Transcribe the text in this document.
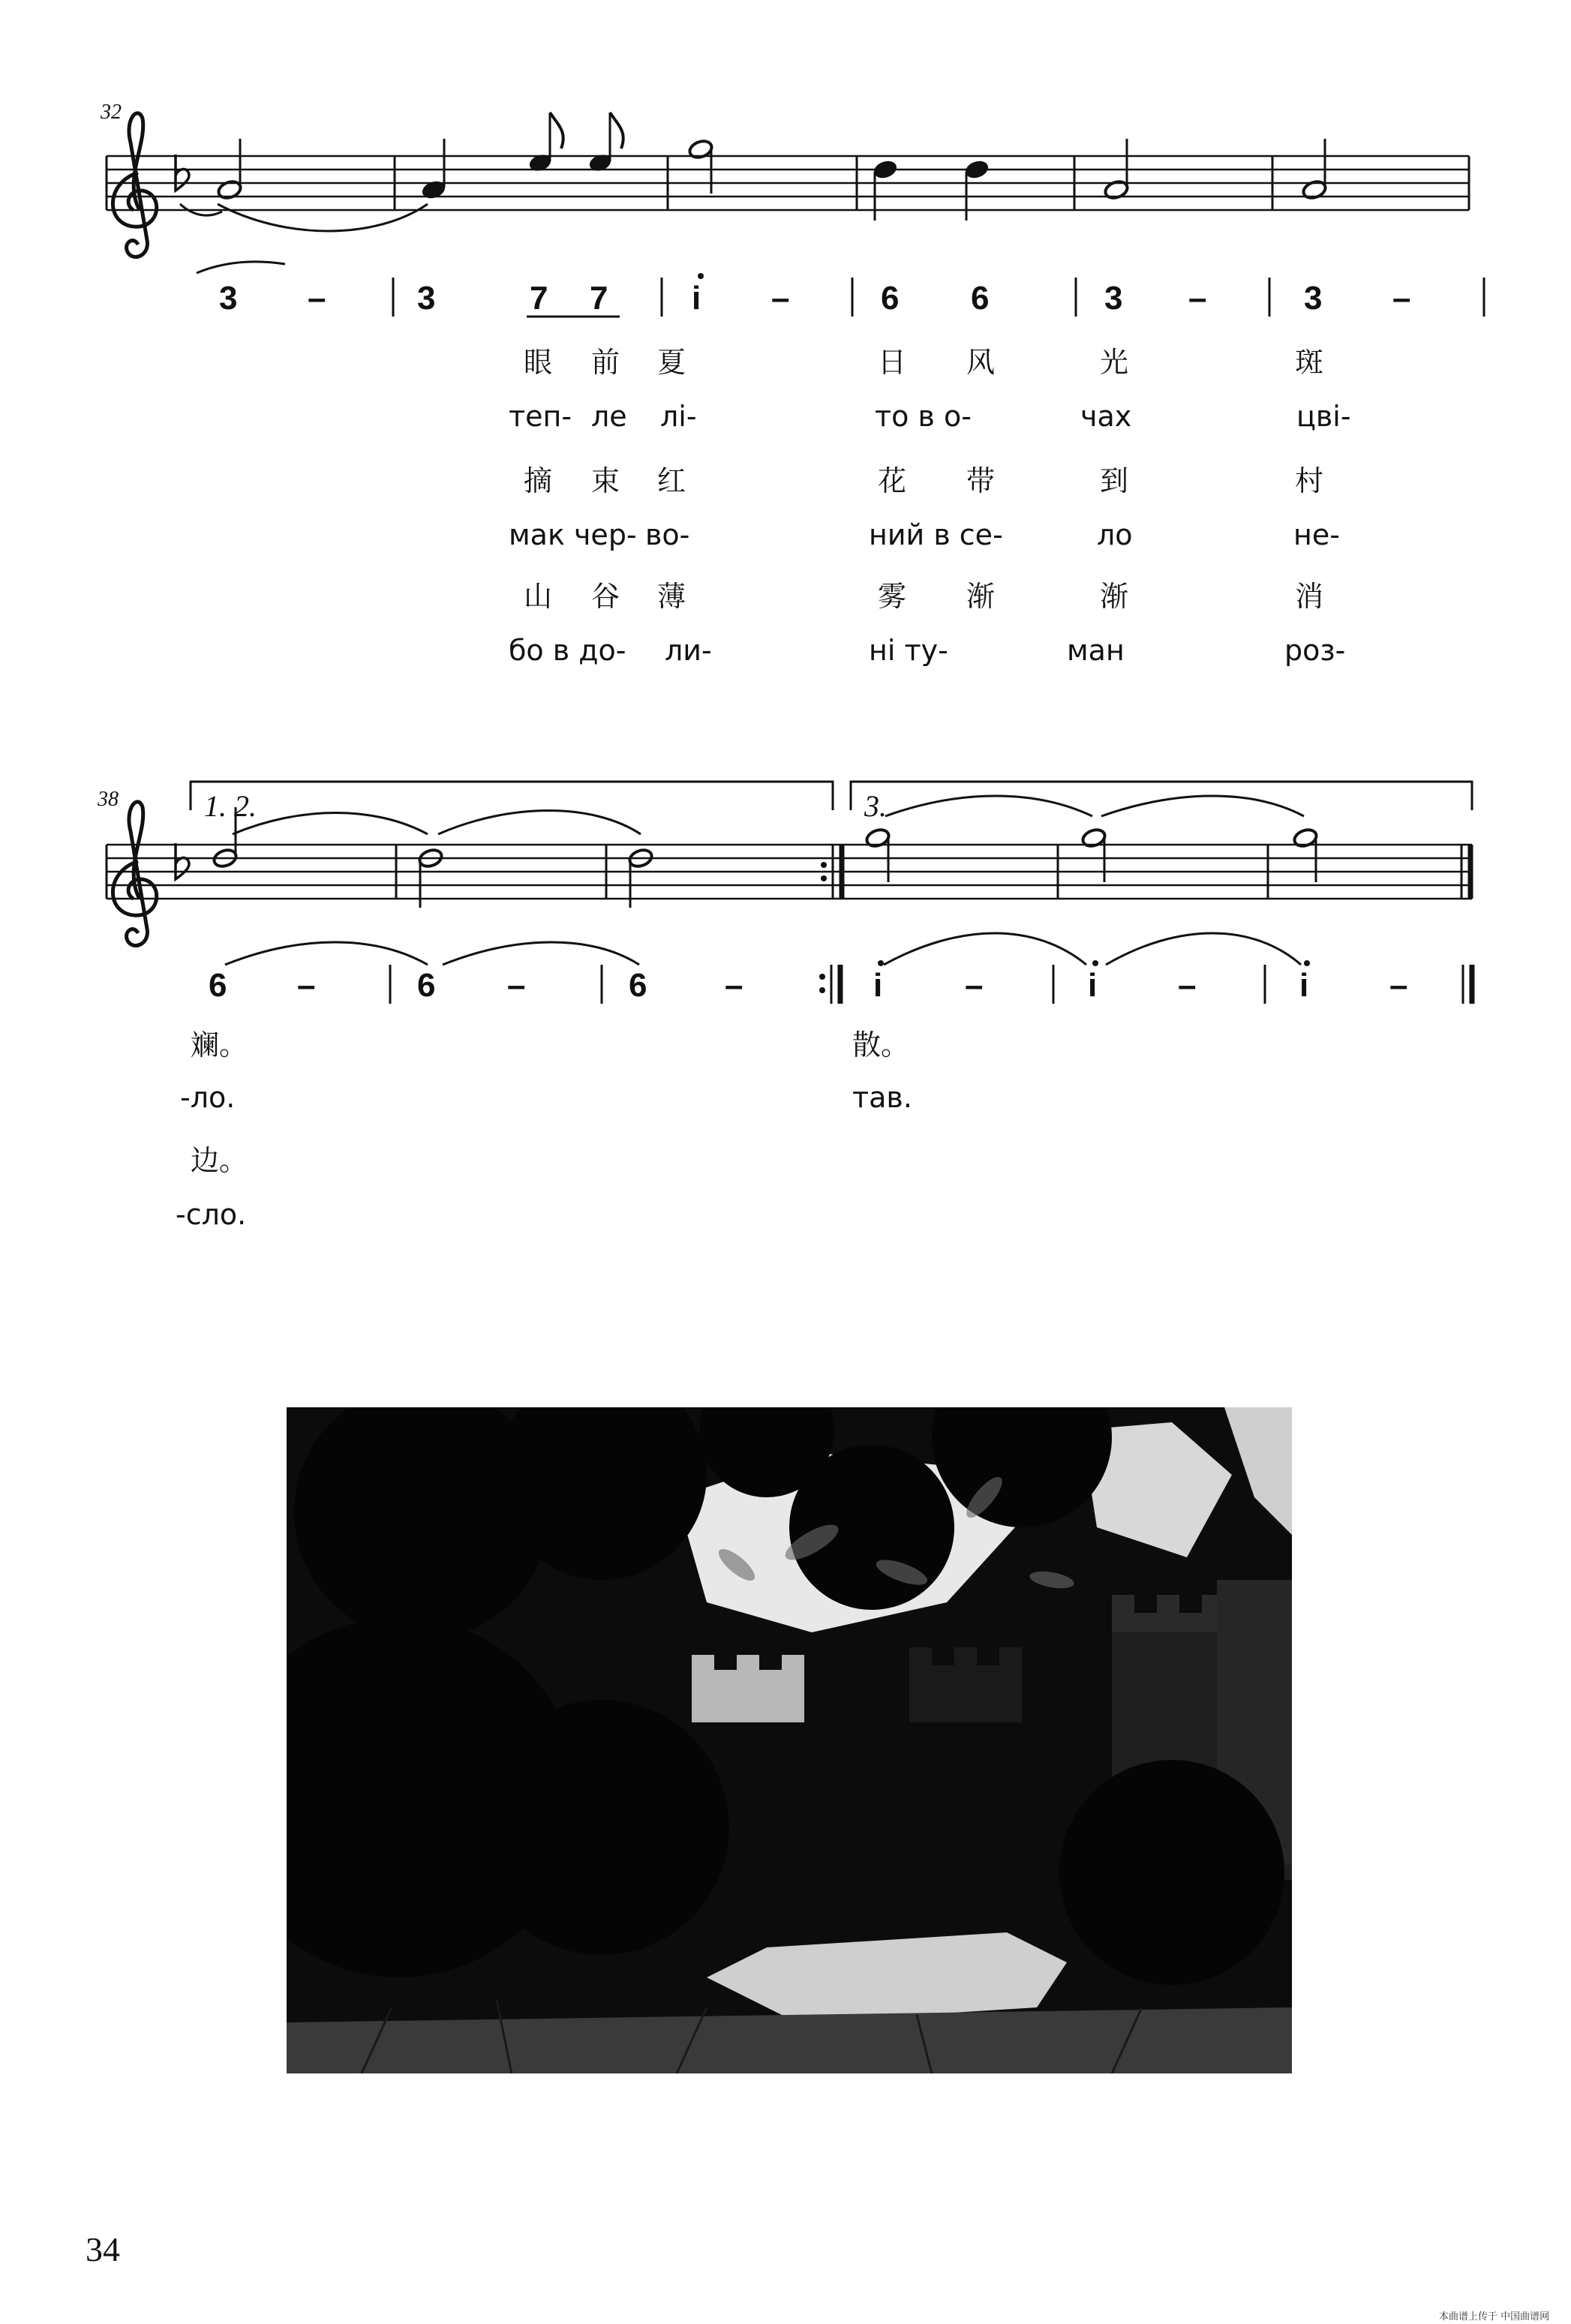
32
3 –	3	7 7	i –	6 6	3 –	3 –
眼 前 夏	日 风	光	斑
теп- ле лі-	то в о-	чах	цві-
摘 束 红	花 带	到	村
мак чер- во-	ний в се-	ло	не-
山 谷 薄	雾 渐	渐	消
бо в до- ли-	ні ту-	ман	роз-
38	1. 2.	3.
6 –	6 –	6 –	i –	i –	i –
斓。	散。
-ло.	тав.
边。
-сло.
34
本曲谱上传于 中国曲谱网
